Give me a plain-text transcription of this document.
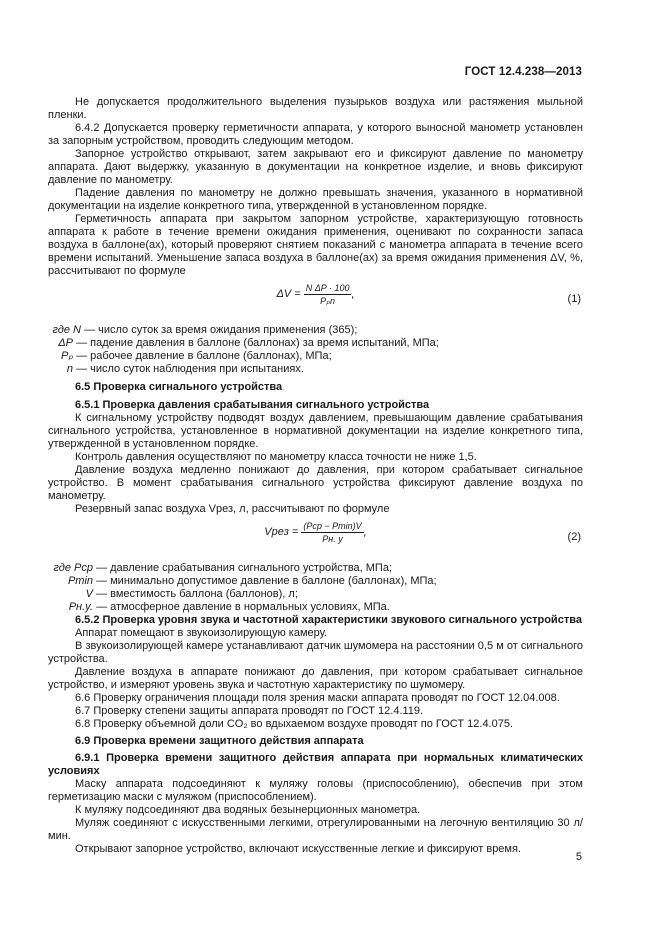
ГОСТ 12.4.238—2013

Не допускается продолжительного выделения пузырьков воздуха или растяжения мыльной пленки.

6.4.2 Допускается проверку герметичности аппарата, у которого выносной манометр установлен за запорным устройством, проводить следующим методом.

Запорное устройство открывают, затем закрывают его и фиксируют давление по манометру аппарата. Дают выдержку, указанную в документации на конкретное изделие, и вновь фиксируют давление по манометру.

Падение давления по манометру не должно превышать значения, указанного в нормативной документации на изделие конкретного типа, утвержденной в установленном порядке.

Герметичность аппарата при закрытом запорном устройстве, характеризующую готовность аппарата к работе в течение времени ожидания применения, оценивают по сохранности запаса воздуха в баллоне(ах), который проверяют снятием показаний с манометра аппарата в течение всего времени испытаний. Уменьшение запаса воздуха в баллоне(ах) за время ожидания применения ΔV, %, рассчитывают по формуле

$\Delta V = \frac{\text{N ΔP · 100}}{\text{Pₚn}}$ ,	(1)
где N — число суток за время ожидания применения (365);
ΔP — падение давления в баллоне (баллонах) за время испытаний, МПа;
Pₚ — рабочее давление в баллоне (баллонах), МПа;
n — число суток наблюдения при испытаниях.

6.5 Проверка сигнального устройства

6.5.1 Проверка давления срабатывания сигнального устройства

К сигнальному устройству подводят воздух давлением, превышающим давление срабатывания сигнального устройства, установленное в нормативной документации на изделие конкретного типа, утвержденной в установленном порядке.

Контроль давления осуществляют по манометру класса точности не ниже 1,5.

Давление воздуха медленно понижают до давления, при котором срабатывает сигнальное устройство. В момент срабатывания сигнального устройства фиксируют давление воздуха по манометру.

Резервный запас воздуха Vрез, л, рассчитывают по формуле

Vрез = $\frac{\text{(Pср − Pmin)V}}{Pн. у}$ ,	(2)
где Pср — давление срабатывания сигнального устройства, МПа;
Pmin — минимально допустимое давление в баллоне (баллонах), МПа;
V — вместимость баллона (баллонов), л;
Pн.у. — атмосферное давление в нормальных условиях, МПа.

6.5.2 Проверка уровня звука и частотной характеристики звукового сигнального устройства

Аппарат помещают в звукоизолирующую камеру.

В звукоизолирующей камере устанавливают датчик шумомера на расстоянии 0,5 м от сигнального устройства.

Давление воздуха в аппарате понижают до давления, при котором срабатывает сигнальное устройство, и измеряют уровень звука и частотную характеристику по шумомеру.

6.6 Проверку ограничения площади поля зрения маски аппарата проводят по ГОСТ 12.04.008.

6.7 Проверку степени защиты аппарата проводят по ГОСТ 12.4.119.

6.8 Проверку объемной доли CO₂ во вдыхаемом воздухе проводят по ГОСТ 12.4.075.

6.9 Проверка времени защитного действия аппарата

6.9.1 Проверка времени защитного действия аппарата при нормальных климатических условиях

Маску аппарата подсоединяют к муляжу головы (приспособлению), обеспечив при этом герметизацию маски с муляжом (приспособлением).

К муляжу подсоединяют два водяных безынерционных манометра.

Муляж соединяют с искусственными легкими, отрегулированными на легочную вентиляцию 30 л/мин.

Открывают запорное устройство, включают искусственные легкие и фиксируют время.

5
